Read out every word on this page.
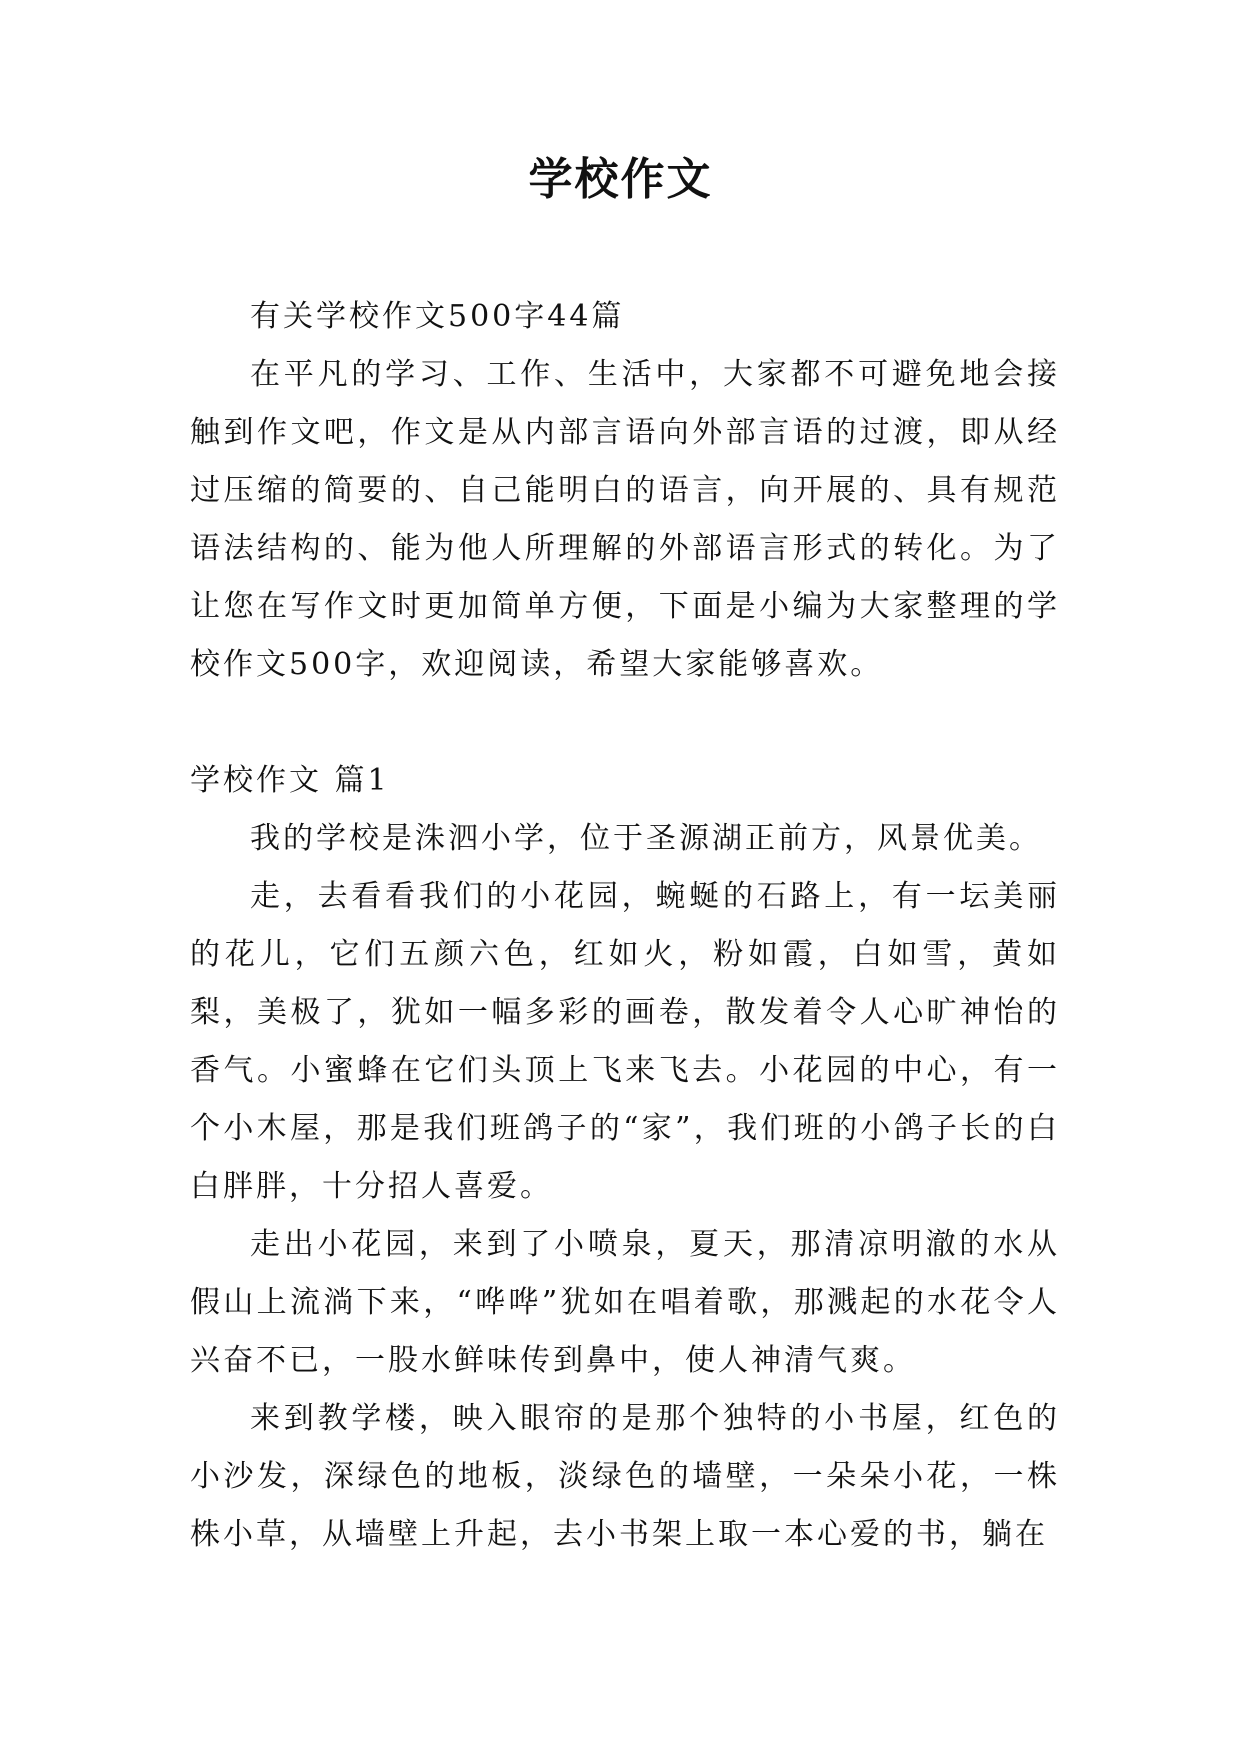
学校作文

有关学校作文500字44篇

在平凡的学习、工作、生活中，大家都不可避免地会接触到作文吧，作文是从内部言语向外部言语的过渡，即从经过压缩的简要的、自己能明白的语言，向开展的、具有规范语法结构的、能为他人所理解的外部语言形式的转化。为了让您在写作文时更加简单方便，下面是小编为大家整理的学校作文500字，欢迎阅读，希望大家能够喜欢。

学校作文 篇1

我的学校是洙泗小学，位于圣源湖正前方，风景优美。

走，去看看我们的小花园，蜿蜒的石路上，有一坛美丽的花儿，它们五颜六色，红如火，粉如霞，白如雪，黄如梨，美极了，犹如一幅多彩的画卷，散发着令人心旷神怡的香气。小蜜蜂在它们头顶上飞来飞去。小花园的中心，有一个小木屋，那是我们班鸽子的“家”，我们班的小鸽子长的白白胖胖，十分招人喜爱。

走出小花园，来到了小喷泉，夏天，那清凉明澈的水从假山上流淌下来，“哗哗”犹如在唱着歌，那溅起的水花令人兴奋不已，一股水鲜味传到鼻中，使人神清气爽。

来到教学楼，映入眼帘的是那个独特的小书屋，红色的小沙发，深绿色的地板，淡绿色的墙壁，一朵朵小花，一株株小草，从墙壁上升起，去小书架上取一本心爱的书，躺在
